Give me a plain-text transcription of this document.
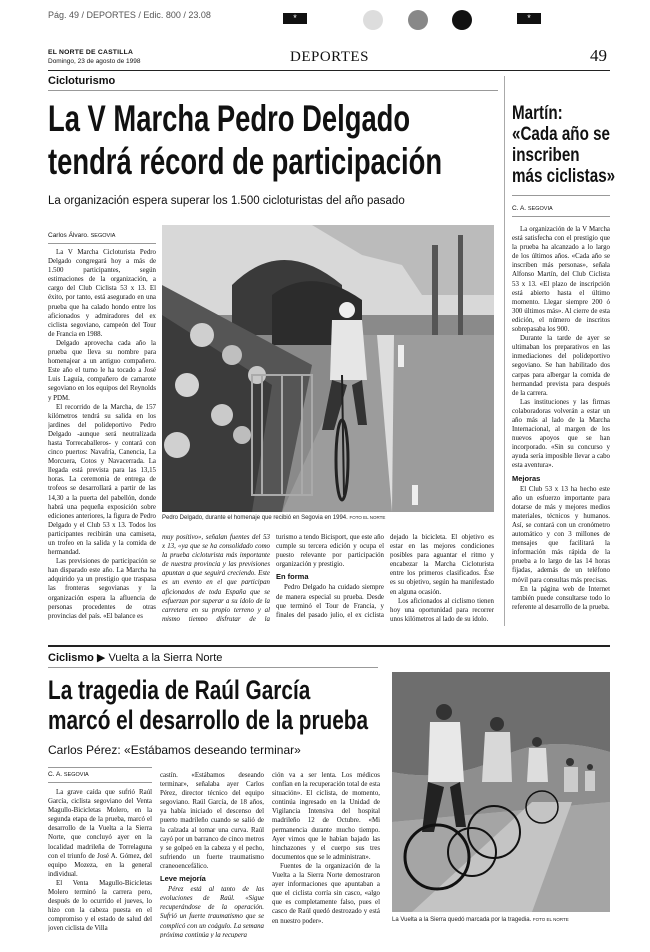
Pág. 49 / DEPORTES / Edic. 800 / 23.08	*	*
EL NORTE DE CASTILLA
Domingo, 23 de agosto de 1998	DEPORTES	49
Cicloturismo
La V Marcha Pedro Delgado
tendrá récord de participación
La organización espera superar los 1.500 cicloturistas del año pasado
Carlos Álvaro. SEGOVIA

La V Marcha Cicloturista Pedro Delgado congregará hoy a más de 1.500 participantes, según estimaciones de la organización, a cargo del Club Ciclista 53 x 13. El éxito, por tanto, está asegurado en una prueba que ha calado hondo entre los aficionados y admiradores del ex ciclista segoviano, campeón del Tour de Francia en 1988.

Delgado aprovecha cada año la prueba que lleva su nombre para homenajear a un antiguo compañero. Este año el turno le ha tocado a José Luis Laguía, compañero de camarote segoviano en los equipos del Reynolds y PDM.

El recorrido de la Marcha, de 157 kilómetros tendrá su salida en los jardines del polideportivo Pedro Delgado -aunque será neutralizada hasta Torrecaballeros- y contará con cinco puertos: Navafría, Canencia, La Morcuera, Cotos y Navacerrada. La llegada está prevista para las 13,15 horas. La ceremonia de entrega de trofeos se desarrollará a partir de las 14,30 a la puerta del pabellón, donde habrá una pequeña exposición sobre ediciones anteriores, la figura de Pedro Delgado y el Club 53 x 13. Todos los participantes recibirán una camiseta, un trofeo en la salida y la comida de hermandad.

Las previsiones de participación se han disparado este año. La Marcha ha adquirido ya un prestigio que traspasa las fronteras segovianas y la organización espera la afluencia de personas procedentes de otras provincias del país. «El balance es

Pedro Delgado, durante el homenaje que recibió en Segovia en 1994. FOTO EL NORTE

muy positivo», señalan fuentes del 53 x 13, «ya que se ha consolidado como la prueba cicloturista más importante de nuestra provincia y las previsiones apuntan a que seguirá creciendo. Este es un evento en el que participan aficionados de toda España que se esfuerzan por superar a su ídolo de la carretera en su propio terreno y al mismo tiempo disfrutar de la

turismo a tendo Bicisport, que este año cumple su tercera edición y ocupa el puesto relevante por participación organización y prestigio.

En forma

Pedro Delgado ha cuidado siempre de manera especial su prueba. Desde que terminó el Tour de Francia, y finales del pasado julio, el ex ciclista

dejado la bicicleta. El objetivo es estar en las mejores condiciones posibles para aguantar el ritmo y encabezar la Marcha Cicloturista entre los primeros clasificados. Ése es su objetivo, según ha manifestado en alguna ocasión.

Los aficionados al ciclismo tienen hoy una oportunidad para recorrer unos kilómetros al lado de su ídolo.

Martín:
«Cada año se
inscriben
más ciclistas»
C. A. SEGOVIA

La organización de la V Marcha está satisfecha con el prestigio que la prueba ha alcanzado a lo largo de los últimos años. «Cada año se inscriben más personas», señala Alfonso Martín, del Club Ciclista 53 x 13. «El plazo de inscripción está abierto hasta el último momento. Llegar siempre 200 ó 300 últimos más». Al cierre de esta edición, el número de inscritos sobrepasaba los 900.

Durante la tarde de ayer se ultimaban los preparativos en las inmediaciones del polideportivo segoviano. Se han habilitado dos carpas para albergar la comida de hermandad prevista para después de la carrera.

Las instituciones y las firmas colaboradoras volverán a estar un año más al lado de la Marcha Internacional, al margen de los nuevos apoyos que se han incorporado. «Sin su concurso y ayuda sería imposible llevar a cabo esta aventura».

Mejoras

El Club 53 x 13 ha hecho este año un esfuerzo importante para dotarse de más y mejores medios materiales, técnicos y humanos. Así, se contará con un cronómetro automático y con 3 millones de mensajes que facilitará la información más rápida de la prueba a lo largo de las 14 horas fijadas, además de un teléfono móvil para consultas más precisas.

En la página web de Internet también puede consultarse todo lo referente al desarrollo de la prueba.

Ciclismo ▶ Vuelta a la Sierra Norte
La tragedia de Raúl García
marcó el desarrollo de la prueba
Carlos Pérez: «Estábamos deseando terminar»
C. A. SEGOVIA

La grave caída que sufrió Raúl García, ciclista segoviano del Venta Magullo-Bicicletas Molero, en la segunda etapa de la prueba, marcó el desarrollo de la Vuelta a la Sierra Norte, que concluyó ayer en la localidad madrileña de Torrelaguna con el triunfo de José A. Gómez, del equipo Mozeza, en la general individual.

El Venta Magullo-Bicicletas Molero terminó la carrera pero, después de lo ocurrido el jueves, lo hizo con la cabeza puesta en el compromiso y el estado de salud del joven ciclista de Villa

castín. «Estábamos deseando terminar», señalaba ayer Carlos Pérez, director técnico del equipo segoviano. Raúl García, de 18 años, ya había iniciado el descenso del puerto madrileño cuando se salió de la calzada al tomar una curva. Raúl cayó por un barranco de cinco metros y se golpeó en la cabeza y el pecho, sufriendo un fuerte traumatismo craneoencefálico.

Leve mejoría

Pérez está al tanto de las evoluciones de Raúl. «Sigue recuperándose de la operación. Sufrió un fuerte traumatismo que se complicó con un coágulo. La semana próxima continúa y la recupera

ción va a ser lenta. Los médicos confían en la recuperación total de esta situación». El ciclista, de momento, continúa ingresado en la Unidad de Vigilancia Intensiva del hospital madrileño 12 de Octubre. «Mi permanencia durante mucho tiempo. Ayer vimos que le habían bajado las hinchazones y el cuerpo sus tres documentos que se le administran».

Fuentes de la organización de la Vuelta a la Sierra Norte demostraron ayer informaciones que apuntaban a que el ciclista corría sin casco, «algo que es completamente falso, pues el casco de Raúl quedó destrozado y está en nuestro poder».	La Vuelta a la Sierra quedó marcada por la tragedia. FOTO EL NORTE
